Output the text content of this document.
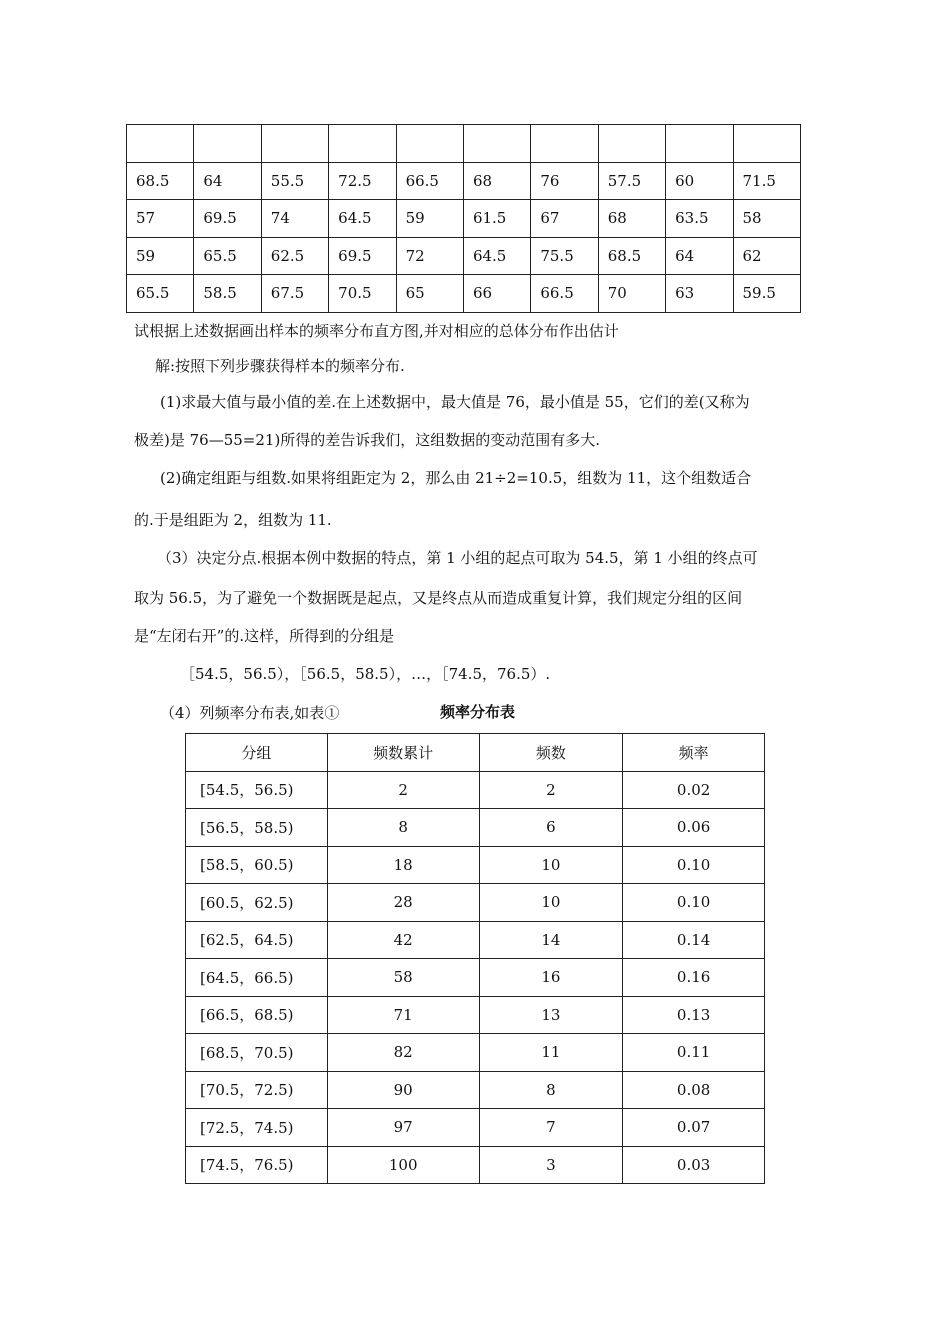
68.5	64	55.5	72.5	66.5	68	76	57.5	60	71.5
57	69.5	74	64.5	59	61.5	67	68	63.5	58
59	65.5	62.5	69.5	72	64.5	75.5	68.5	64	62
65.5	58.5	67.5	70.5	65	66	66.5	70	63	59.5
试根据上述数据画出样本的频率分布直方图,并对相应的总体分布作出估计
解:按照下列步骤获得样本的频率分布.
(1)求最大值与最小值的差.在上述数据中，最大值是 76，最小值是 55，它们的差(又称为
极差)是 76—55=21)所得的差告诉我们，这组数据的变动范围有多大.
(2)确定组距与组数.如果将组距定为 2，那么由 21÷2=10.5，组数为 11，这个组数适合
的.于是组距为 2，组数为 11.
（3）决定分点.根据本例中数据的特点，第 1 小组的起点可取为 54.5，第 1 小组的终点可
取为 56.5，为了避免一个数据既是起点，又是终点从而造成重复计算，我们规定分组的区间
是“左闭右开”的.这样，所得到的分组是
［54.5，56.5），［56.5，58.5），…，［74.5，76.5）.
（4）列频率分布表,如表①	频率分布表
分组	频数累计	频数	频率
[54.5，56.5)	2	2	0.02
[56.5，58.5)	8	6	0.06
[58.5，60.5)	18	10	0.10
[60.5，62.5)	28	10	0.10
[62.5，64.5)	42	14	0.14
[64.5，66.5)	58	16	0.16
[66.5，68.5)	71	13	0.13
[68.5，70.5)	82	11	0.11
[70.5，72.5)	90	8	0.08
[72.5，74.5)	97	7	0.07
[74.5，76.5)	100	3	0.03
